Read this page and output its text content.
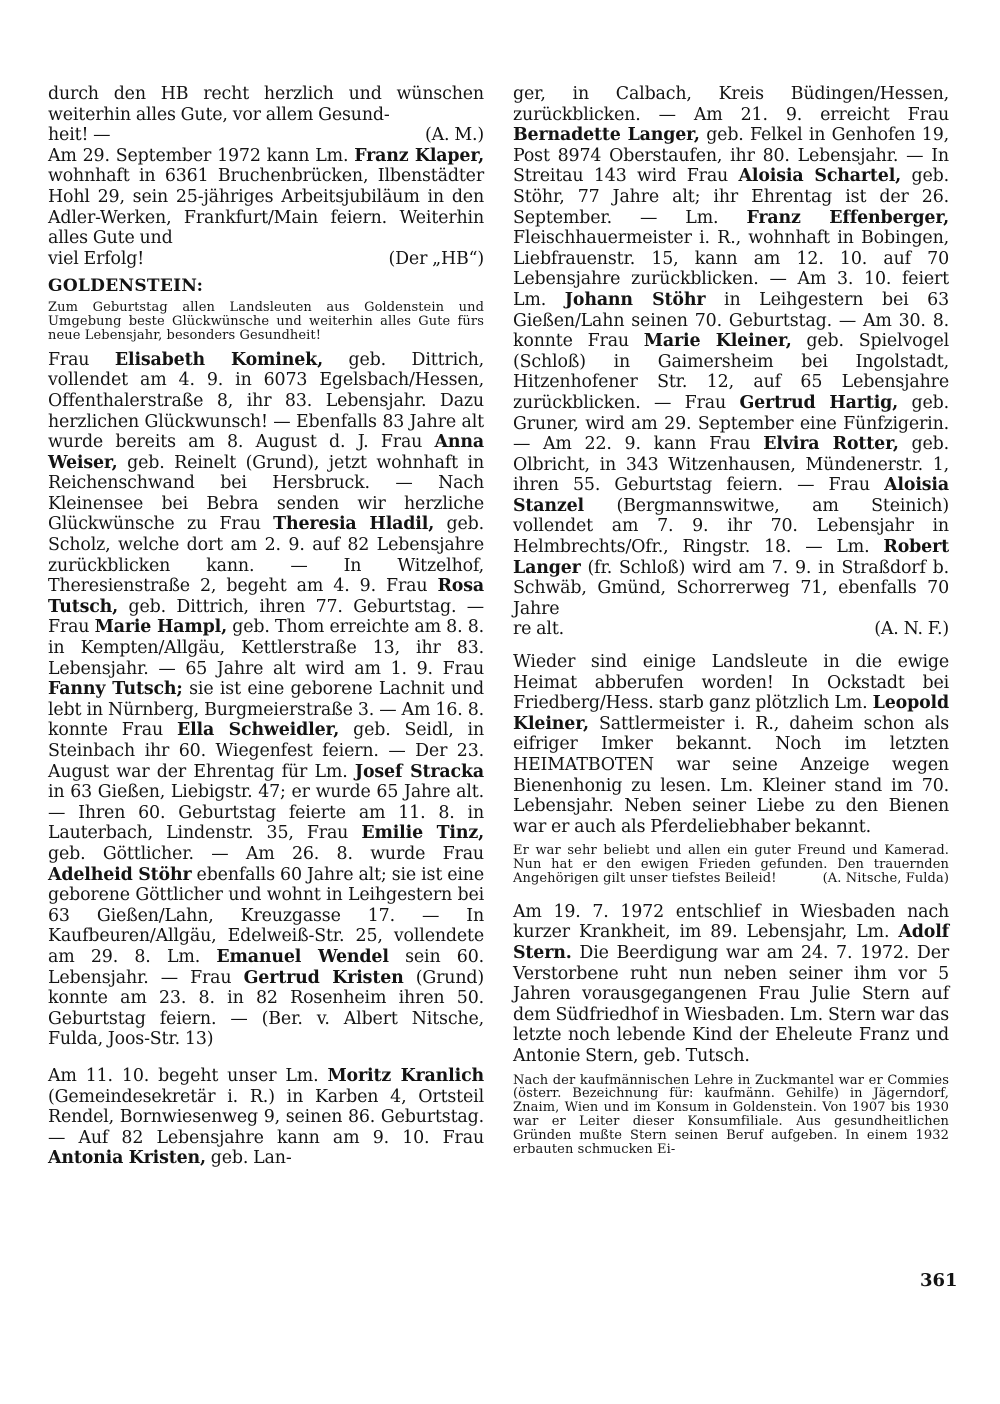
durch den HB recht herzlich und wünschen weiterhin alles Gute, vor allem Gesund-

heit! —	(A. M.)

Am 29. September 1972 kann Lm. Franz Klaper, wohnhaft in 6361 Bruchenbrücken, Ilbenstädter Hohl 29, sein 25-jähriges Arbeitsjubiläum in den Adler-Werken, Frankfurt/Main feiern. Weiterhin alles Gute und

viel Erfolg!	(Der „HB“)
GOLDENSTEIN:

Zum Geburtstag allen Landsleuten aus Goldenstein und Umgebung beste Glückwünsche und weiterhin alles Gute fürs neue Lebensjahr, besonders Gesundheit!

Frau Elisabeth Kominek, geb. Dittrich, vollendet am 4. 9. in 6073 Egelsbach/Hessen, Offenthalerstraße 8, ihr 83. Lebensjahr. Dazu herzlichen Glückwunsch! — Ebenfalls 83 Jahre alt wurde bereits am 8. August d. J. Frau Anna Weiser, geb. Reinelt (Grund), jetzt wohnhaft in Reichenschwand bei Hersbruck. — Nach Kleinensee bei Bebra senden wir herzliche Glückwünsche zu Frau Theresia Hladil, geb. Scholz, welche dort am 2. 9. auf 82 Lebensjahre zurückblicken kann. — In Witzelhof, Theresienstraße 2, begeht am 4. 9. Frau Rosa Tutsch, geb. Dittrich, ihren 77. Geburtstag. — Frau Marie Hampl, geb. Thom erreichte am 8. 8. in Kempten/Allgäu, Kettlerstraße 13, ihr 83. Lebensjahr. — 65 Jahre alt wird am 1. 9. Frau Fanny Tutsch; sie ist eine geborene Lachnit und lebt in Nürnberg, Burgmeierstraße 3. — Am 16. 8. konnte Frau Ella Schweidler, geb. Seidl, in Steinbach ihr 60. Wiegenfest feiern. — Der 23. August war der Ehrentag für Lm. Josef Stracka in 63 Gießen, Liebigstr. 47; er wurde 65 Jahre alt. — Ihren 60. Geburtstag feierte am 11. 8. in Lauterbach, Lindenstr. 35, Frau Emilie Tinz, geb. Göttlicher. — Am 26. 8. wurde Frau Adelheid Stöhr ebenfalls 60 Jahre alt; sie ist eine geborene Göttlicher und wohnt in Leihgestern bei 63 Gießen/Lahn, Kreuzgasse 17. — In Kaufbeuren/Allgäu, Edelweiß-Str. 25, vollendete am 29. 8. Lm. Emanuel Wendel sein 60. Lebensjahr. — Frau Gertrud Kristen (Grund) konnte am 23. 8. in 82 Rosenheim ihren 50. Geburtstag feiern. — (Ber. v. Albert Nitsche, Fulda, Joos-Str. 13)

Am 11. 10. begeht unser Lm. Moritz Kranlich (Gemeindesekretär i. R.) in Karben 4, Ortsteil Rendel, Bornwiesenweg 9, seinen 86. Geburtstag. — Auf 82 Lebensjahre kann am 9. 10. Frau Antonia Kristen, geb. Lan-

ger, in Calbach, Kreis Büdingen/Hessen, zurückblicken. — Am 21. 9. erreicht Frau Bernadette Langer, geb. Felkel in Genhofen 19, Post 8974 Oberstaufen, ihr 80. Lebensjahr. — In Streitau 143 wird Frau Aloisia Schartel, geb. Stöhr, 77 Jahre alt; ihr Ehrentag ist der 26. September. — Lm. Franz Effenberger, Fleischhauermeister i. R., wohnhaft in Bobingen, Liebfrauenstr. 15, kann am 12. 10. auf 70 Lebensjahre zurückblicken. — Am 3. 10. feiert Lm. Johann Stöhr in Leihgestern bei 63 Gießen/Lahn seinen 70. Geburtstag. — Am 30. 8. konnte Frau Marie Kleiner, geb. Spielvogel (Schloß) in Gaimersheim bei Ingolstadt, Hitzenhofener Str. 12, auf 65 Lebensjahre zurückblicken. — Frau Gertrud Hartig, geb. Gruner, wird am 29. September eine Fünfzigerin. — Am 22. 9. kann Frau Elvira Rotter, geb. Olbricht, in 343 Witzenhausen, Mündenerstr. 1, ihren 55. Geburtstag feiern. — Frau Aloisia Stanzel (Bergmannswitwe, am Steinich) vollendet am 7. 9. ihr 70. Lebensjahr in Helmbrechts/Ofr., Ringstr. 18. — Lm. Robert Langer (fr. Schloß) wird am 7. 9. in Straßdorf b. Schwäb, Gmünd, Schorrerweg 71, ebenfalls 70 Jahre

re alt.	(A. N. F.)

Wieder sind einige Landsleute in die ewige Heimat abberufen worden! In Ockstadt bei Friedberg/Hess. starb ganz plötzlich Lm. Leopold Kleiner, Sattlermeister i. R., daheim schon als eifriger Imker bekannt. Noch im letzten HEIMATBOTEN war seine Anzeige wegen Bienenhonig zu lesen. Lm. Kleiner stand im 70. Lebensjahr. Neben seiner Liebe zu den Bienen war er auch als Pferdeliebhaber bekannt.

Er war sehr beliebt und allen ein guter Freund und Kamerad. Nun hat er den ewigen Frieden gefunden. Den trauernden Angehörigen gilt unser tiefstes Beileid!	(A. Nitsche, Fulda)

Am 19. 7. 1972 entschlief in Wiesbaden nach kurzer Krankheit, im 89. Lebensjahr, Lm. Adolf Stern. Die Beerdigung war am 24. 7. 1972. Der Verstorbene ruht nun neben seiner ihm vor 5 Jahren vorausgegangenen Frau Julie Stern auf dem Südfriedhof in Wiesbaden. Lm. Stern war das letzte noch lebende Kind der Eheleute Franz und Antonie Stern, geb. Tutsch.

Nach der kaufmännischen Lehre in Zuckmantel war er Commies (österr. Bezeichnung für: kaufmänn. Gehilfe) in Jägerndorf, Znaim, Wien und im Konsum in Goldenstein. Von 1907 bis 1930 war er Leiter dieser Konsumfiliale. Aus gesundheitlichen Gründen mußte Stern seinen Beruf aufgeben. In einem 1932 erbauten schmucken Ei-

361
